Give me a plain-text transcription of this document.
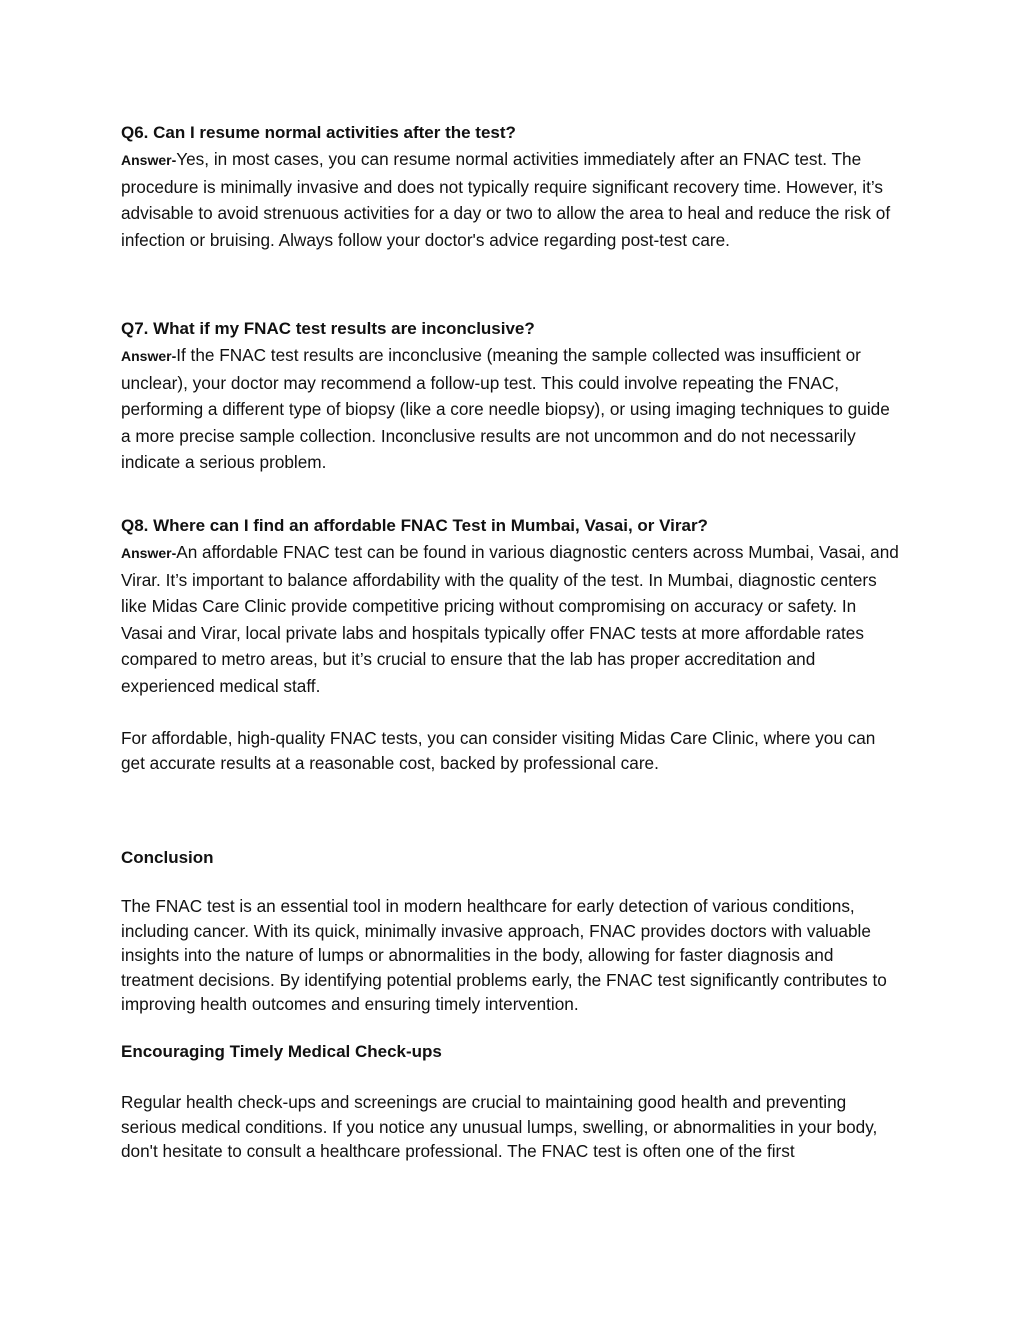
Q6. Can I resume normal activities after the test?

Answer-Yes, in most cases, you can resume normal activities immediately after an FNAC test. The procedure is minimally invasive and does not typically require significant recovery time. However, it’s advisable to avoid strenuous activities for a day or two to allow the area to heal and reduce the risk of infection or bruising. Always follow your doctor's advice regarding post-test care.

Q7. What if my FNAC test results are inconclusive?

Answer-If the FNAC test results are inconclusive (meaning the sample collected was insufficient or unclear), your doctor may recommend a follow-up test. This could involve repeating the FNAC, performing a different type of biopsy (like a core needle biopsy), or using imaging techniques to guide a more precise sample collection. Inconclusive results are not uncommon and do not necessarily indicate a serious problem.

Q8. Where can I find an affordable FNAC Test in Mumbai, Vasai, or Virar?

Answer-An affordable FNAC test can be found in various diagnostic centers across Mumbai, Vasai, and Virar. It’s important to balance affordability with the quality of the test. In Mumbai, diagnostic centers like Midas Care Clinic provide competitive pricing without compromising on accuracy or safety. In Vasai and Virar, local private labs and hospitals typically offer FNAC tests at more affordable rates compared to metro areas, but it’s crucial to ensure that the lab has proper accreditation and experienced medical staff.

For affordable, high-quality FNAC tests, you can consider visiting Midas Care Clinic, where you can get accurate results at a reasonable cost, backed by professional care.

Conclusion

The FNAC test is an essential tool in modern healthcare for early detection of various conditions, including cancer. With its quick, minimally invasive approach, FNAC provides doctors with valuable insights into the nature of lumps or abnormalities in the body, allowing for faster diagnosis and treatment decisions. By identifying potential problems early, the FNAC test significantly contributes to improving health outcomes and ensuring timely intervention.

Encouraging Timely Medical Check-ups

Regular health check-ups and screenings are crucial to maintaining good health and preventing serious medical conditions. If you notice any unusual lumps, swelling, or abnormalities in your body, don't hesitate to consult a healthcare professional. The FNAC test is often one of the first
